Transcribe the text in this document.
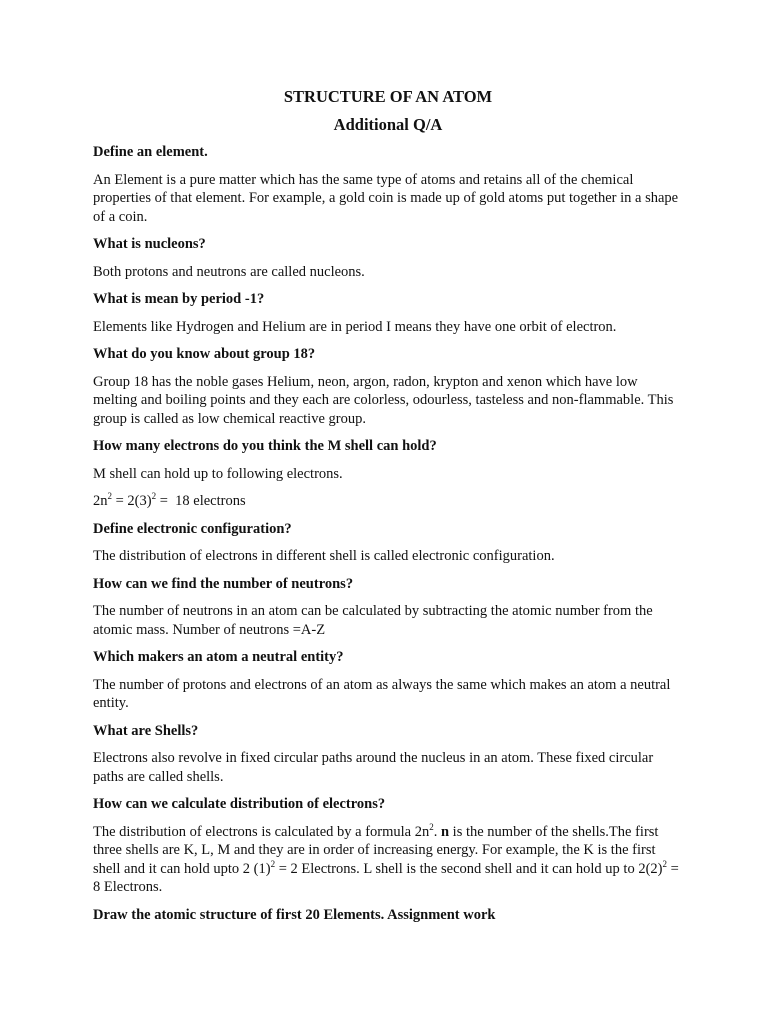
STRUCTURE OF AN ATOM
Additional Q/A

Define an element.

An Element is a pure matter which has the same type of atoms and retains all of the chemical properties of that element. For example, a gold coin is made up of gold atoms put together in a shape of a coin.

What is nucleons?

Both protons and neutrons are called nucleons.

What is mean by period -1?

Elements like Hydrogen and Helium are in period I means they have one orbit of electron.

What do you know about group 18?

Group 18 has the noble gases Helium, neon, argon, radon, krypton and xenon which have low melting and boiling points and they each are colorless, odourless, tasteless and non-flammable. This group is called as low chemical reactive group.

How many electrons do you think the M shell can hold?

M shell can hold up to following electrons.

$2n^2 = 2(3)^2 = 18$ electrons

Define electronic configuration?

The distribution of electrons in different shell is called electronic configuration.

How can we find the number of neutrons?

The number of neutrons in an atom can be calculated by subtracting the atomic number from the atomic mass. Number of neutrons =A-Z

Which makers an atom a neutral entity?

The number of protons and electrons of an atom as always the same which makes an atom a neutral entity.

What are Shells?

Electrons also revolve in fixed circular paths around the nucleus in an atom. These fixed circular paths are called shells.

How can we calculate distribution of electrons?

The distribution of electrons is calculated by a formula $2n^2$. n is the number of the shells.The first three shells are K, L, M and they are in order of increasing energy. For example, the K is the first shell and it can hold upto 2 $(1)^2 = 2$ Electrons. L shell is the second shell and it can hold up to $2(2)^2 = 8$ Electrons.

Draw the atomic structure of first 20 Elements. Assignment work
